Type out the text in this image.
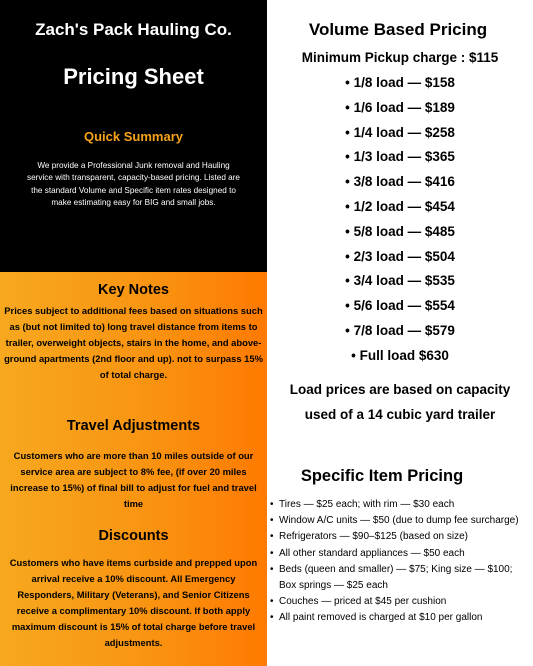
Zach's Pack Hauling Co.
Pricing Sheet
Quick Summary
We provide a Professional Junk removal and Hauling service with transparent, capacity-based pricing. Listed are the standard Volume and Specific item rates designed to make estimating easy for BIG and small jobs.
Key Notes
Prices subject to additional fees based on situations such as (but not limited to) long travel distance from items to trailer, overweight objects, stairs in the home, and above-ground apartments (2nd floor and up). not to surpass 15% of total charge.
Travel Adjustments
Customers who are more than 10 miles outside of our service area are subject to 8% fee, (if over 20 miles increase to 15%) of final bill to adjust for fuel and travel time
Discounts
Customers who have items curbside and prepped upon arrival receive a 10% discount. All Emergency Responders, Military (Veterans), and Senior Citizens receive a complimentary 10% discount. If both apply maximum discount is 15% of total charge before travel adjustments.
Volume Based Pricing
Minimum Pickup charge : $115
• 1/8 load — $158
• 1/6 load — $189
• 1/4 load — $258
• 1/3 load — $365
• 3/8 load — $416
• 1/2 load — $454
• 5/8 load — $485
• 2/3 load — $504
• 3/4 load — $535
• 5/6 load — $554
• 7/8 load — $579
• Full load $630
Load prices are based on capacity used of a 14 cubic yard trailer
Specific Item Pricing
• Tires — $25 each; with rim — $30 each
• Window A/C units — $50 (due to dump fee surcharge)
• Refrigerators — $90–$125 (based on size)
• All other standard appliances — $50 each
• Beds (queen and smaller) — $75; King size — $100; Box springs — $25 each
• Couches — priced at $45 per cushion
• All paint removed is charged at $10 per gallon
